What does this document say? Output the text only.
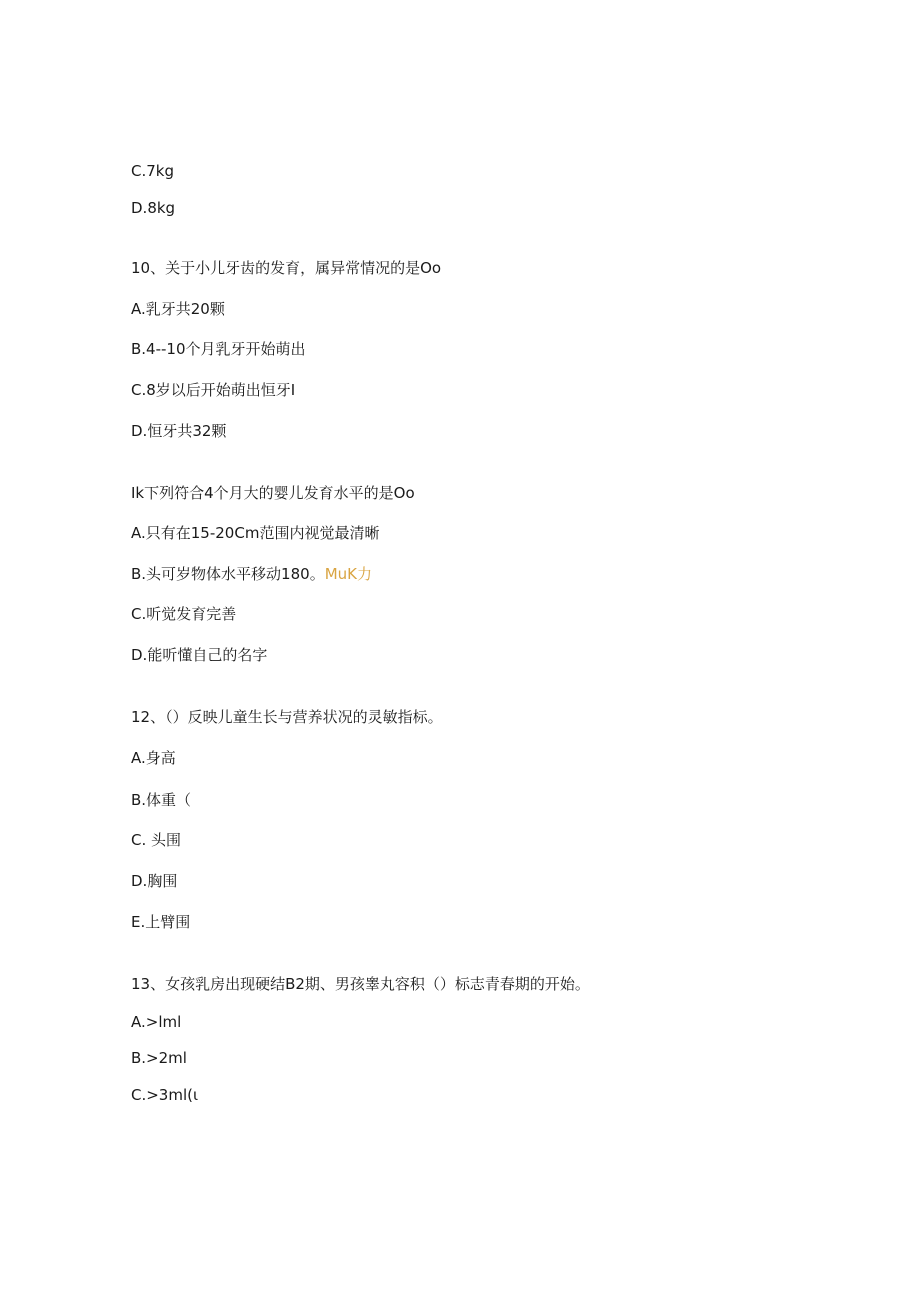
C.7kg

D.8kg

10、关于小儿牙齿的发育，属异常情况的是Oo

A.乳牙共20颗

B.4--10个月乳牙开始萌出

C.8岁以后开始萌出恒牙I

D.恒牙共32颗

Ik下列符合4个月大的婴儿发育水平的是Oo

A.只有在15-20Cm范围内视觉最清晰

B.头可岁物体水平移动180。MuK力

C.听觉发育完善

D.能听懂自己的名字

12、（）反映儿童生长与营养状况的灵敏指标。

A.身高

B.体重（

C. 头围

D.胸围

E.上臂围

13、女孩乳房出现硬结B2期、男孩睾丸容积（）标志青春期的开始。

A.>lml

B.>2ml

C.>3ml(ι
